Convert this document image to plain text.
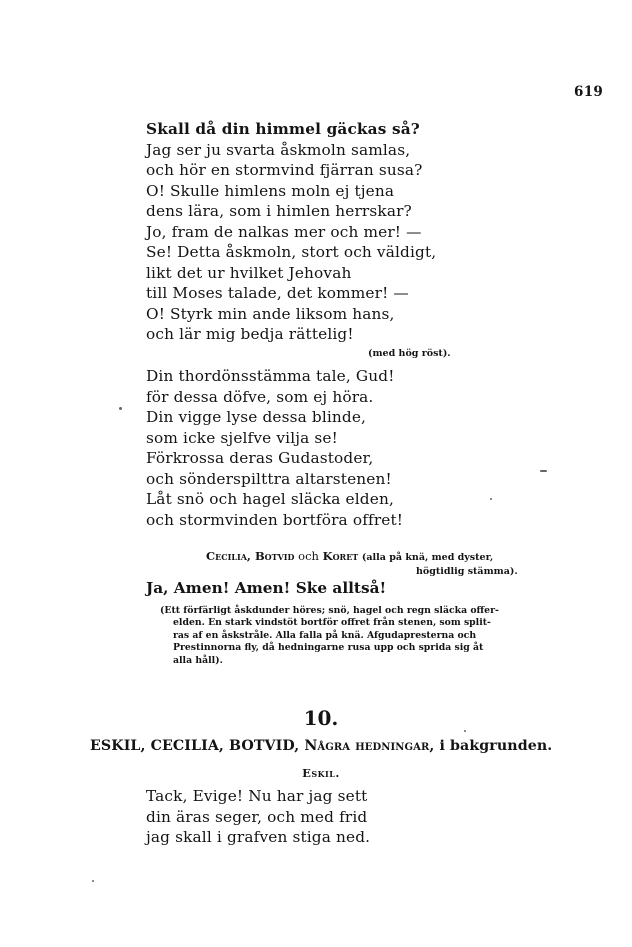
619
Skall då din himmel gäckas så?
Jag ser ju svarta åskmoln samlas,
och hör en stormvind fjärran susa?
O! Skulle himlens moln ej tjena
dens lära, som i himlen herrskar?
Jo, fram de nalkas mer och mer! —
Se! Detta åskmoln, stort och väldigt,
likt det ur hvilket Jehovah
till Moses talade, det kommer! —
O! Styrk min ande liksom hans,
och lär mig bedja rättelig!
(med hög röst).
Din thordönsstämma tale, Gud!
för dessa döfve, som ej höra.
Din vigge lyse dessa blinde,
som icke sjelfve vilja se!
Förkrossa deras Gudastoder,
och sönderspilttra altarstenen!
Låt snö och hagel släcka elden,
och stormvinden bortföra offret!
Cecilia, Botvid och Koret (alla på knä, med dyster,
högtidlig stämma).
Ja, Amen! Amen! Ske alltså!
(Ett förfärligt åskdunder höres; snö, hagel och regn släcka offer-
elden. En stark vindstöt bortför offret från stenen, som split-
ras af en åskstråle. Alla falla på knä. Afgudapresterna och
Prestinnorna fly, då hedningarne rusa upp och sprida sig åt
alla håll).
10.
ESKIL, CECILIA, BOTVID, Några hedningar, i bakgrunden.
Eskil.
Tack, Evige! Nu har jag sett
din äras seger, och med frid
jag skall i grafven stiga ned.
